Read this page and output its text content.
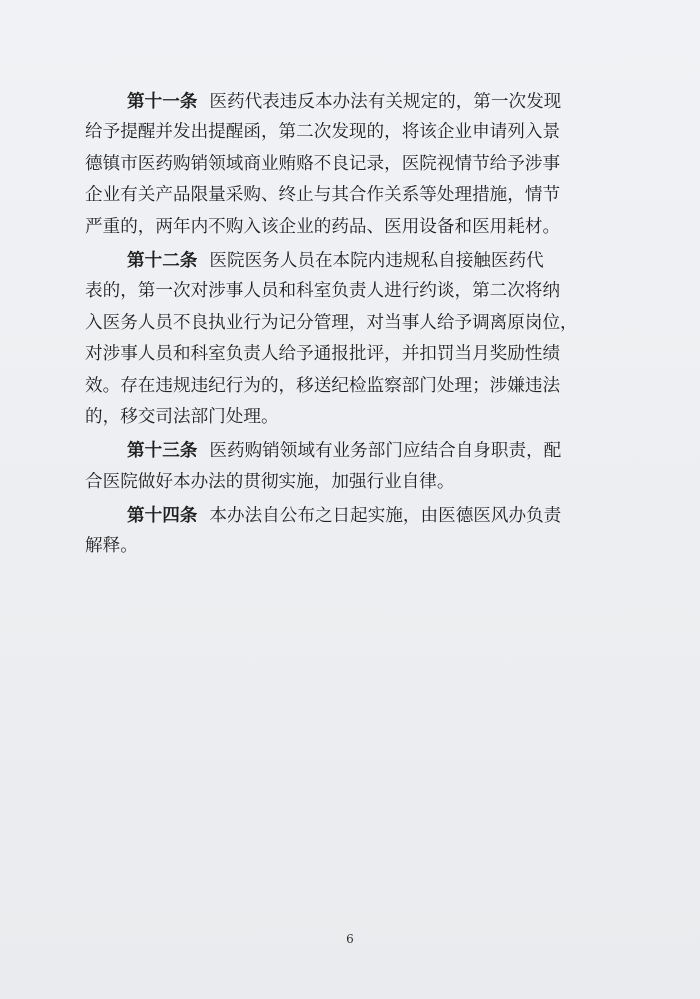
第十一条 医药代表违反本办法有关规定的，第一次发现
给予提醒并发出提醒函，第二次发现的，将该企业申请列入景
德镇市医药购销领域商业贿赂不良记录，医院视情节给予涉事
企业有关产品限量采购、终止与其合作关系等处理措施，情节
严重的，两年内不购入该企业的药品、医用设备和医用耗材。
第十二条 医院医务人员在本院内违规私自接触医药代
表的，第一次对涉事人员和科室负责人进行约谈，第二次将纳
入医务人员不良执业行为记分管理，对当事人给予调离原岗位，
对涉事人员和科室负责人给予通报批评，并扣罚当月奖励性绩
效。存在违规违纪行为的，移送纪检监察部门处理；涉嫌违法
的，移交司法部门处理。
第十三条 医药购销领域有业务部门应结合自身职责，配
合医院做好本办法的贯彻实施，加强行业自律。
第十四条 本办法自公布之日起实施，由医德医风办负责
解释。
6
